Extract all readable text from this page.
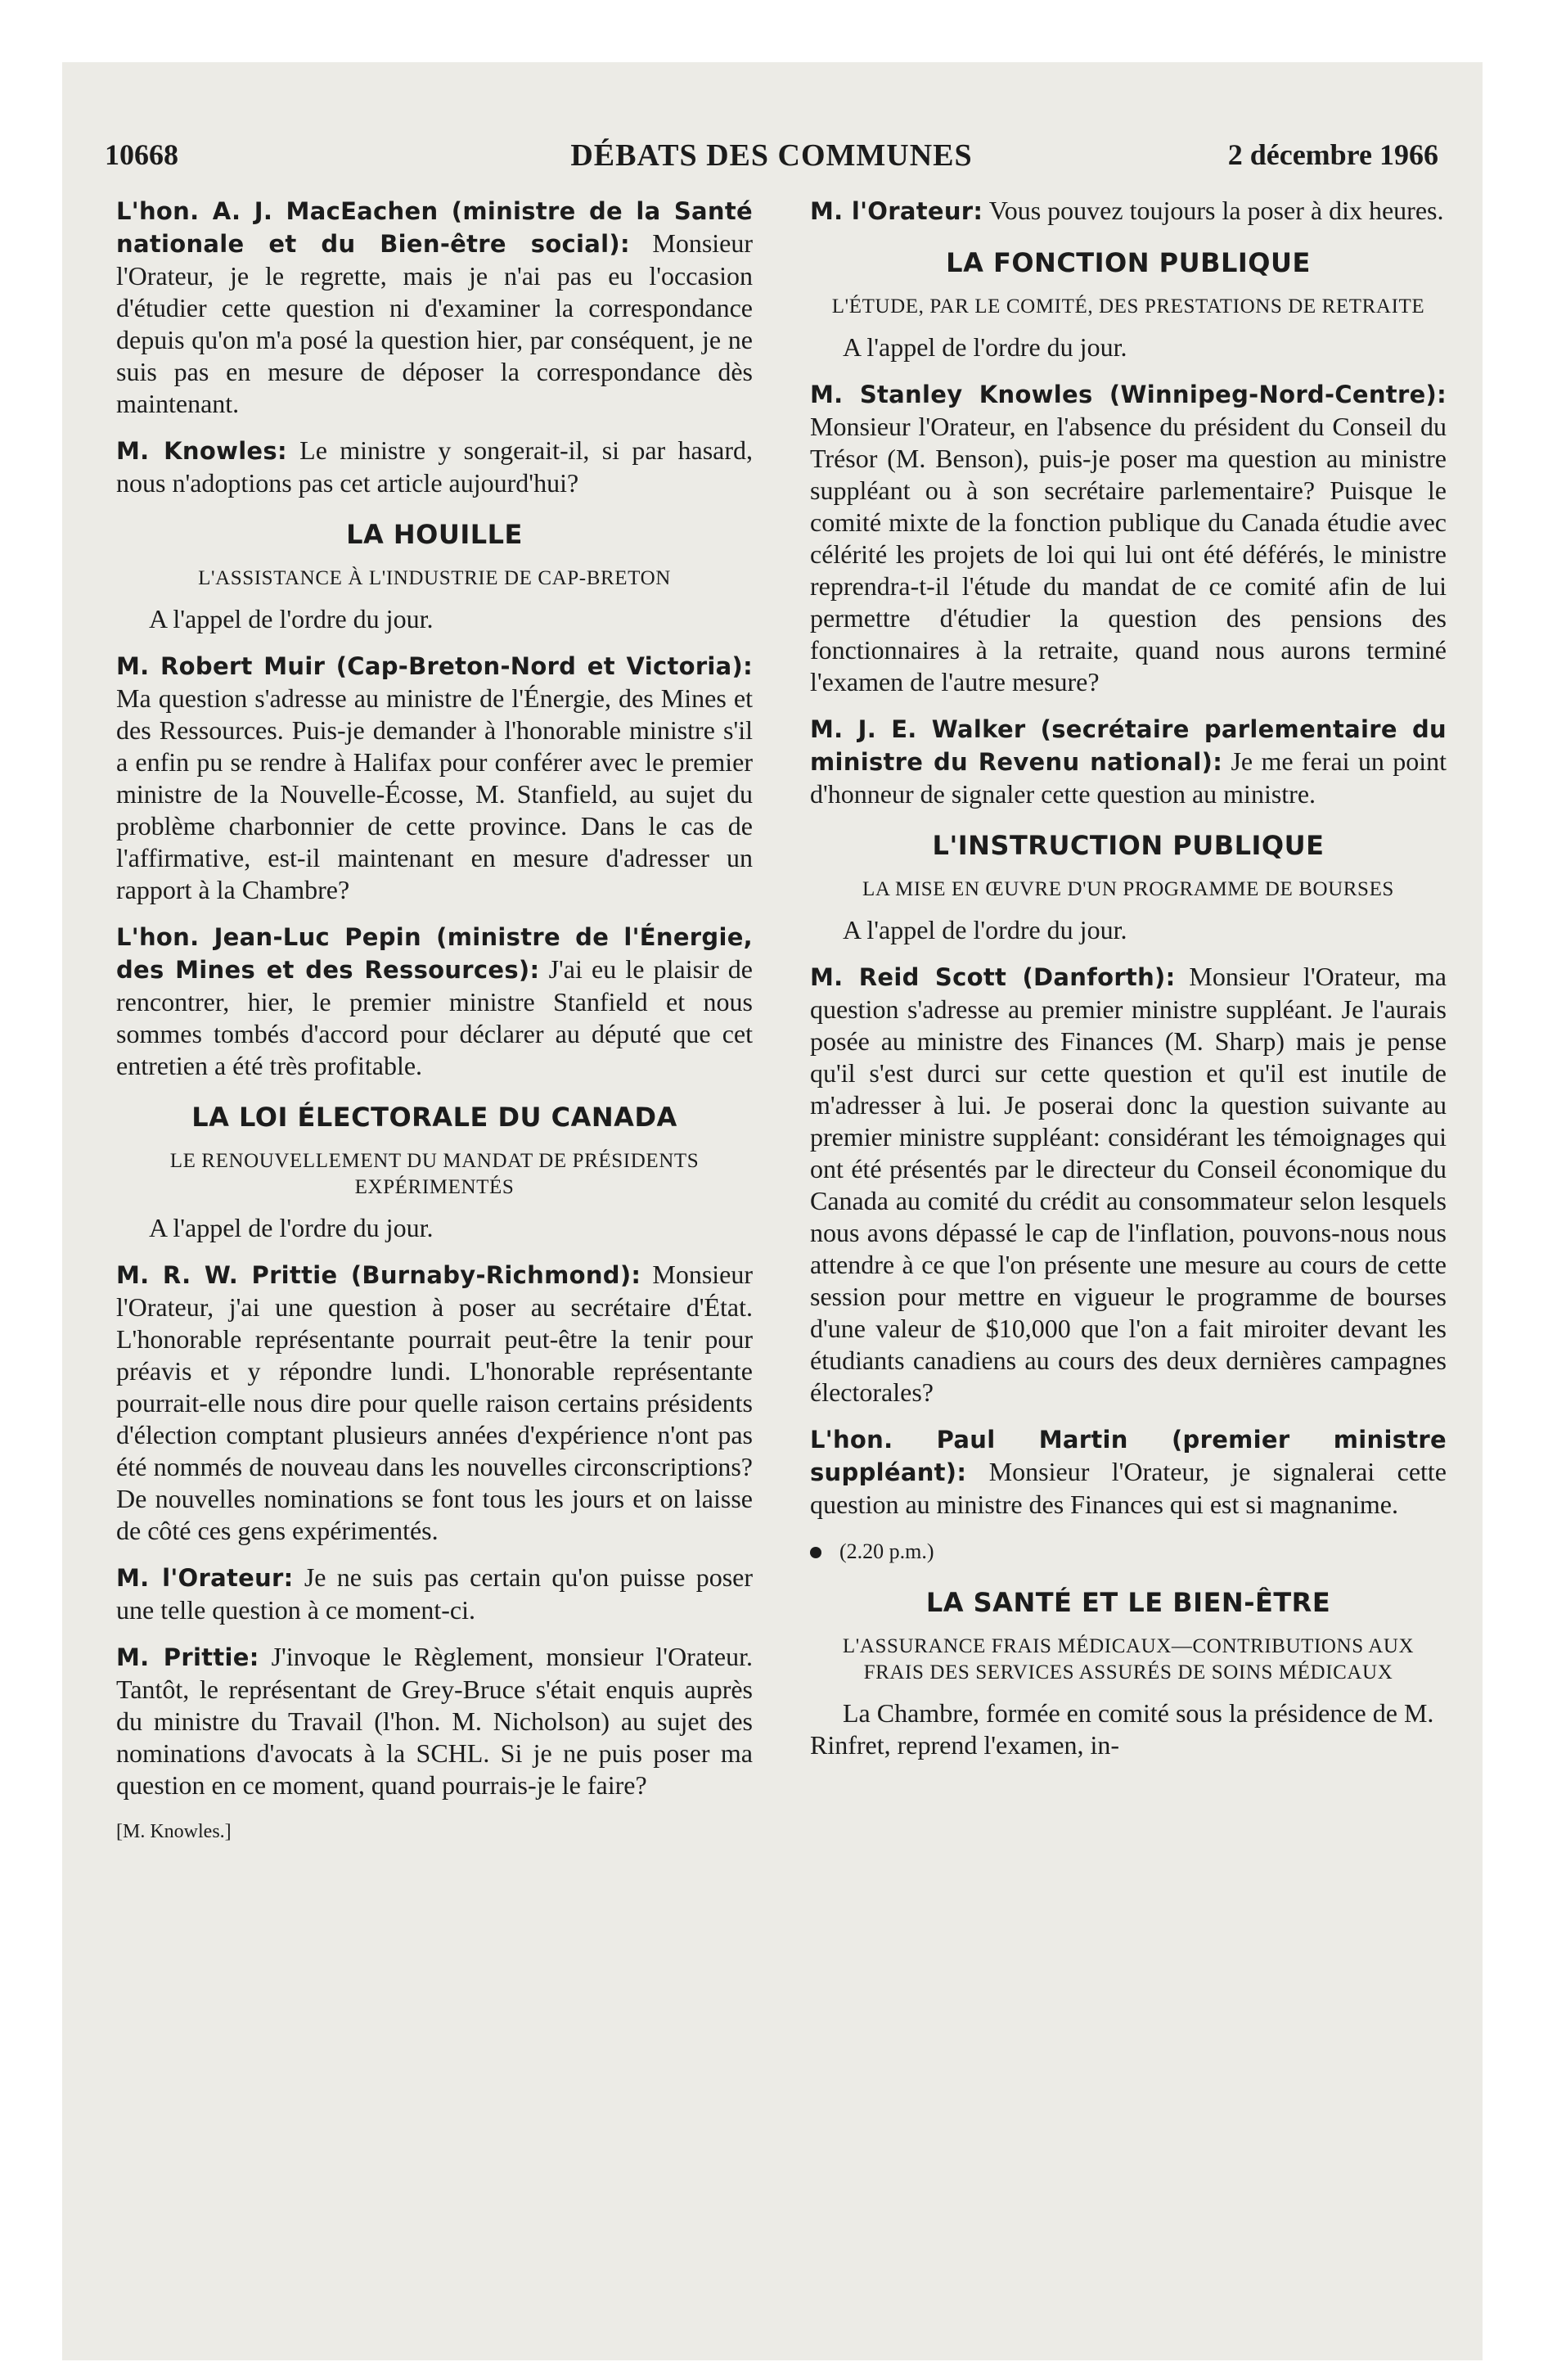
10668	DÉBATS DES COMMUNES	2 décembre 1966

L'hon. A. J. MacEachen (ministre de la Santé nationale et du Bien-être social): Monsieur l'Orateur, je le regrette, mais je n'ai pas eu l'occasion d'étudier cette question ni d'examiner la correspondance depuis qu'on m'a posé la question hier, par conséquent, je ne suis pas en mesure de déposer la correspondance dès maintenant.

M. Knowles: Le ministre y songerait-il, si par hasard, nous n'adoptions pas cet article aujourd'hui?

LA HOUILLE
L'ASSISTANCE À L'INDUSTRIE DE CAP-BRETON

A l'appel de l'ordre du jour.

M. Robert Muir (Cap-Breton-Nord et Victoria): Ma question s'adresse au ministre de l'Énergie, des Mines et des Ressources. Puis-je demander à l'honorable ministre s'il a enfin pu se rendre à Halifax pour conférer avec le premier ministre de la Nouvelle-Écosse, M. Stanfield, au sujet du problème charbonnier de cette province. Dans le cas de l'affirmative, est-il maintenant en mesure d'adresser un rapport à la Chambre?

L'hon. Jean-Luc Pepin (ministre de l'Énergie, des Mines et des Ressources): J'ai eu le plaisir de rencontrer, hier, le premier ministre Stanfield et nous sommes tombés d'accord pour déclarer au député que cet entretien a été très profitable.

LA LOI ÉLECTORALE DU CANADA
LE RENOUVELLEMENT DU MANDAT DE PRÉSIDENTS EXPÉRIMENTÉS

A l'appel de l'ordre du jour.

M. R. W. Prittie (Burnaby-Richmond): Monsieur l'Orateur, j'ai une question à poser au secrétaire d'État. L'honorable représentante pourrait peut-être la tenir pour préavis et y répondre lundi. L'honorable représentante pourrait-elle nous dire pour quelle raison certains présidents d'élection comptant plusieurs années d'expérience n'ont pas été nommés de nouveau dans les nouvelles circonscriptions? De nouvelles nominations se font tous les jours et on laisse de côté ces gens expérimentés.

M. l'Orateur: Je ne suis pas certain qu'on puisse poser une telle question à ce moment-ci.

M. Prittie: J'invoque le Règlement, monsieur l'Orateur. Tantôt, le représentant de Grey-Bruce s'était enquis auprès du ministre du Travail (l'hon. M. Nicholson) au sujet des nominations d'avocats à la SCHL. Si je ne puis poser ma question en ce moment, quand pourrais-je le faire?

[M. Knowles.]

M. l'Orateur: Vous pouvez toujours la poser à dix heures.

LA FONCTION PUBLIQUE
L'ÉTUDE, PAR LE COMITÉ, DES PRESTATIONS DE RETRAITE

A l'appel de l'ordre du jour.

M. Stanley Knowles (Winnipeg-Nord-Centre): Monsieur l'Orateur, en l'absence du président du Conseil du Trésor (M. Benson), puis-je poser ma question au ministre suppléant ou à son secrétaire parlementaire? Puisque le comité mixte de la fonction publique du Canada étudie avec célérité les projets de loi qui lui ont été déférés, le ministre reprendra-t-il l'étude du mandat de ce comité afin de lui permettre d'étudier la question des pensions des fonctionnaires à la retraite, quand nous aurons terminé l'examen de l'autre mesure?

M. J. E. Walker (secrétaire parlementaire du ministre du Revenu national): Je me ferai un point d'honneur de signaler cette question au ministre.

L'INSTRUCTION PUBLIQUE
LA MISE EN ŒUVRE D'UN PROGRAMME DE BOURSES

A l'appel de l'ordre du jour.

M. Reid Scott (Danforth): Monsieur l'Orateur, ma question s'adresse au premier ministre suppléant. Je l'aurais posée au ministre des Finances (M. Sharp) mais je pense qu'il s'est durci sur cette question et qu'il est inutile de m'adresser à lui. Je poserai donc la question suivante au premier ministre suppléant: considérant les témoignages qui ont été présentés par le directeur du Conseil économique du Canada au comité du crédit au consommateur selon lesquels nous avons dépassé le cap de l'inflation, pouvons-nous nous attendre à ce que l'on présente une mesure au cours de cette session pour mettre en vigueur le programme de bourses d'une valeur de $10,000 que l'on a fait miroiter devant les étudiants canadiens au cours des deux dernières campagnes électorales?

L'hon. Paul Martin (premier ministre suppléant): Monsieur l'Orateur, je signalerai cette question au ministre des Finances qui est si magnanime.

(2.20 p.m.)
LA SANTÉ ET LE BIEN-ÊTRE
L'ASSURANCE FRAIS MÉDICAUX—CONTRIBUTIONS AUX FRAIS DES SERVICES ASSURÉS DE SOINS MÉDICAUX

La Chambre, formée en comité sous la présidence de M. Rinfret, reprend l'examen, in-
